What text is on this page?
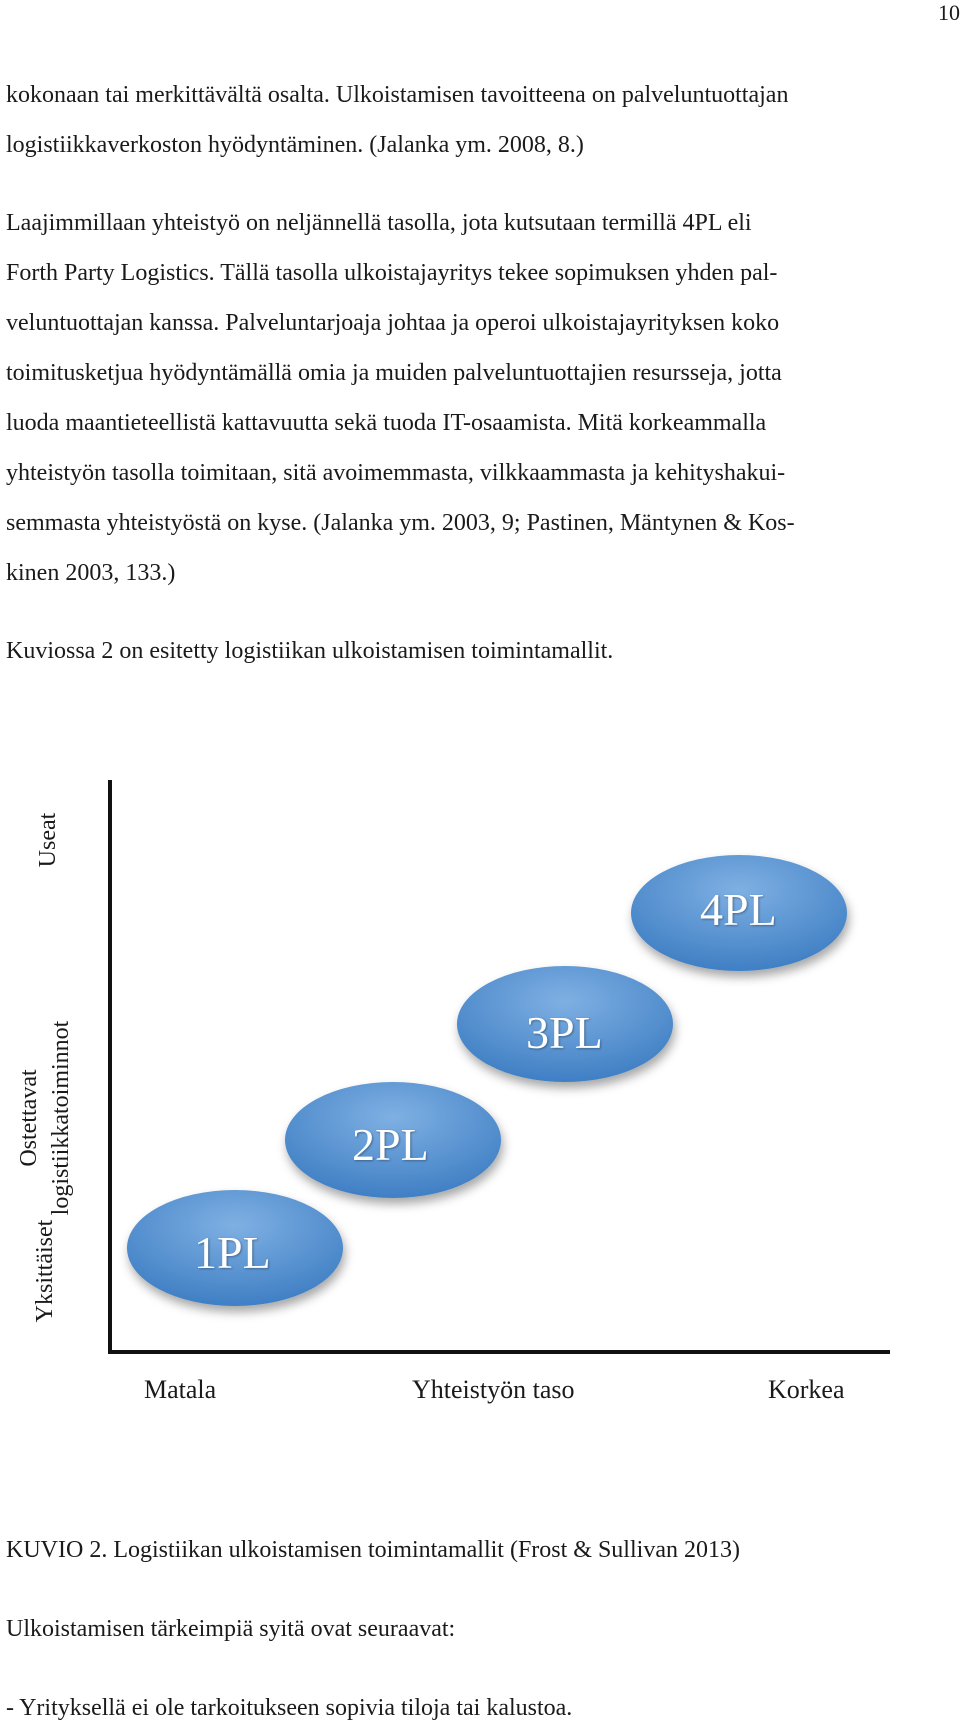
10
kokonaan tai merkittävältä osalta. Ulkoistamisen tavoitteena on palveluntuottajan
logistiikkaverkoston hyödyntäminen. (Jalanka ym. 2008, 8.)
Laajimmillaan yhteistyö on neljännellä tasolla, jota kutsutaan termillä 4PL eli
Forth Party Logistics. Tällä tasolla ulkoistajayritys tekee sopimuksen yhden pal-
veluntuottajan kanssa. Palveluntarjoaja johtaa ja operoi ulkoistajayrityksen koko
toimitusketjua hyödyntämällä omia ja muiden palveluntuottajien resursseja, jotta
luoda maantieteellistä kattavuutta sekä tuoda IT-osaamista. Mitä korkeammalla
yhteistyön tasolla toimitaan, sitä avoimemmasta, vilkkaammasta ja kehityshakui-
semmasta yhteistyöstä on kyse. (Jalanka ym. 2003, 9; Pastinen, Mäntynen & Kos-
kinen 2003, 133.)
Kuviossa 2 on esitetty logistiikan ulkoistamisen toimintamallit.
Useat
Ostettavat logistiikkatoiminnot
Yksittäiset	1PL
2PL
3PL
4PL
Matala	Yhteistyön taso	Korkea
KUVIO 2. Logistiikan ulkoistamisen toimintamallit (Frost & Sullivan 2013)
Ulkoistamisen tärkeimpiä syitä ovat seuraavat:
- Yrityksellä ei ole tarkoitukseen sopivia tiloja tai kalustoa.
